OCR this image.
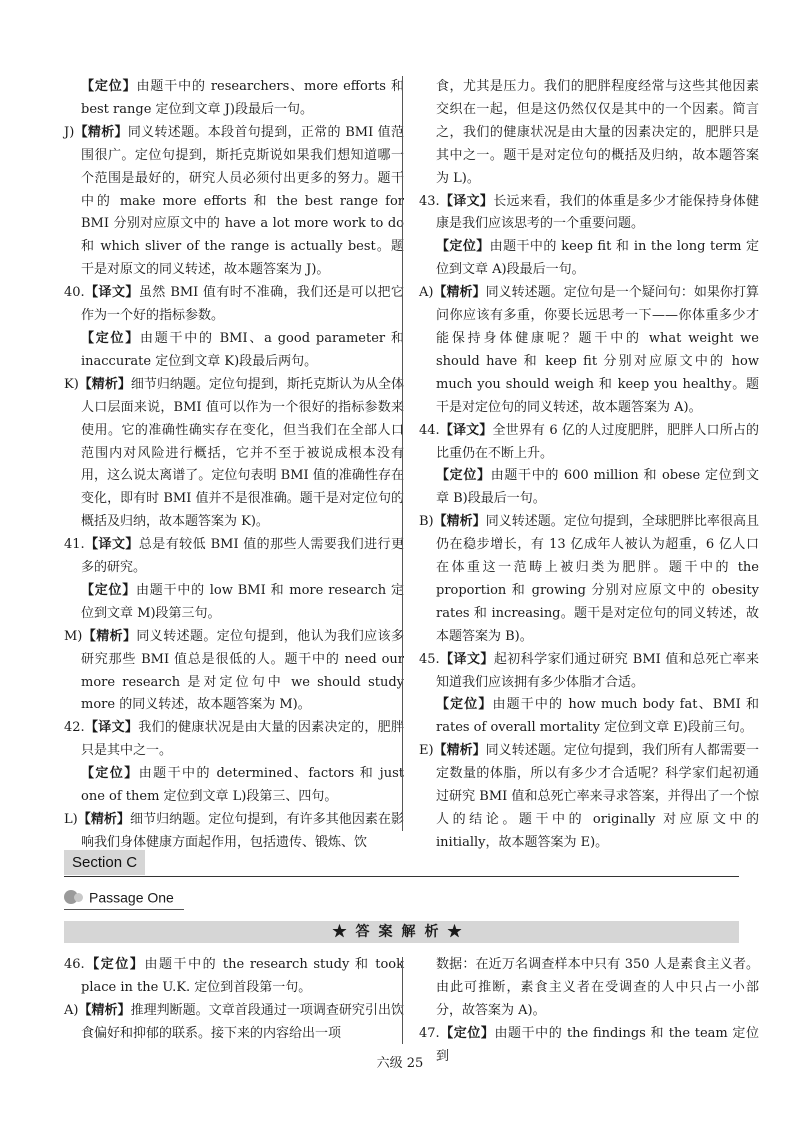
【定位】由题干中的 researchers、more efforts 和 best range 定位到文章 J)段最后一句。
J)【精析】同义转述题。本段首句提到，正常的 BMI 值范围很广。定位句提到，斯托克斯说如果我们想知道哪一个范围是最好的，研究人员必须付出更多的努力。题干中的 make more efforts 和 the best range for BMI 分别对应原文中的 have a lot more work to do 和 which sliver of the range is actually best。题干是对原文的同义转述，故本题答案为 J)。
40.【译文】虽然 BMI 值有时不准确，我们还是可以把它作为一个好的指标参数。
【定位】由题干中的 BMI、a good parameter 和 inaccurate 定位到文章 K)段最后两句。
K)【精析】细节归纳题。定位句提到，斯托克斯认为从全体人口层面来说，BMI 值可以作为一个很好的指标参数来使用。它的准确性确实存在变化，但当我们在全部人口范围内对风险进行概括，它并不至于被说成根本没有用，这么说太离谱了。定位句表明 BMI 值的准确性存在变化，即有时 BMI 值并不是很准确。题干是对定位句的概括及归纳，故本题答案为 K)。
41.【译文】总是有较低 BMI 值的那些人需要我们进行更多的研究。
【定位】由题干中的 low BMI 和 more research 定位到文章 M)段第三句。
M)【精析】同义转述题。定位句提到，他认为我们应该多研究那些 BMI 值总是很低的人。题干中的 need our more research 是对定位句中 we should study more 的同义转述，故本题答案为 M)。
42.【译文】我们的健康状况是由大量的因素决定的，肥胖只是其中之一。
【定位】由题干中的 determined、factors 和 just one of them 定位到文章 L)段第三、四句。
L)【精析】细节归纳题。定位句提到，有许多其他因素在影响我们身体健康方面起作用，包括遗传、锻炼、饮
食，尤其是压力。我们的肥胖程度经常与这些其他因素交织在一起，但是这仍然仅仅是其中的一个因素。简言之，我们的健康状况是由大量的因素决定的，肥胖只是其中之一。题干是对定位句的概括及归纳，故本题答案为 L)。
43.【译文】长远来看，我们的体重是多少才能保持身体健康是我们应该思考的一个重要问题。
【定位】由题干中的 keep fit 和 in the long term 定位到文章 A)段最后一句。
A)【精析】同义转述题。定位句是一个疑问句：如果你打算问你应该有多重，你要长远思考一下——你体重多少才能保持身体健康呢？题干中的 what weight we should have 和 keep fit 分别对应原文中的 how much you should weigh 和 keep you healthy。题干是对定位句的同义转述，故本题答案为 A)。
44.【译文】全世界有 6 亿的人过度肥胖，肥胖人口所占的比重仍在不断上升。
【定位】由题干中的 600 million 和 obese 定位到文章 B)段最后一句。
B)【精析】同义转述题。定位句提到，全球肥胖比率很高且仍在稳步增长，有 13 亿成年人被认为超重，6 亿人口在体重这一范畴上被归类为肥胖。题干中的 the proportion 和 growing 分别对应原文中的 obesity rates 和 increasing。题干是对定位句的同义转述，故本题答案为 B)。
45.【译文】起初科学家们通过研究 BMI 值和总死亡率来知道我们应该拥有多少体脂才合适。
【定位】由题干中的 how much body fat、BMI 和 rates of overall mortality 定位到文章 E)段前三句。
E)【精析】同义转述题。定位句提到，我们所有人都需要一定数量的体脂，所以有多少才合适呢？科学家们起初通过研究 BMI 值和总死亡率来寻求答案，并得出了一个惊人的结论。题干中的 originally 对应原文中的 initially，故本题答案为 E)。
Section C
Passage One
★答案解析★
46.【定位】由题干中的 the research study 和 took place in the U.K. 定位到首段第一句。
A)【精析】推理判断题。文章首段通过一项调查研究引出饮食偏好和抑郁的联系。接下来的内容给出一项
数据：在近万名调查样本中只有 350 人是素食主义者。由此可推断，素食主义者在受调查的人中只占一小部分，故答案为 A)。
47.【定位】由题干中的 the findings 和 the team 定位到
六级 25
